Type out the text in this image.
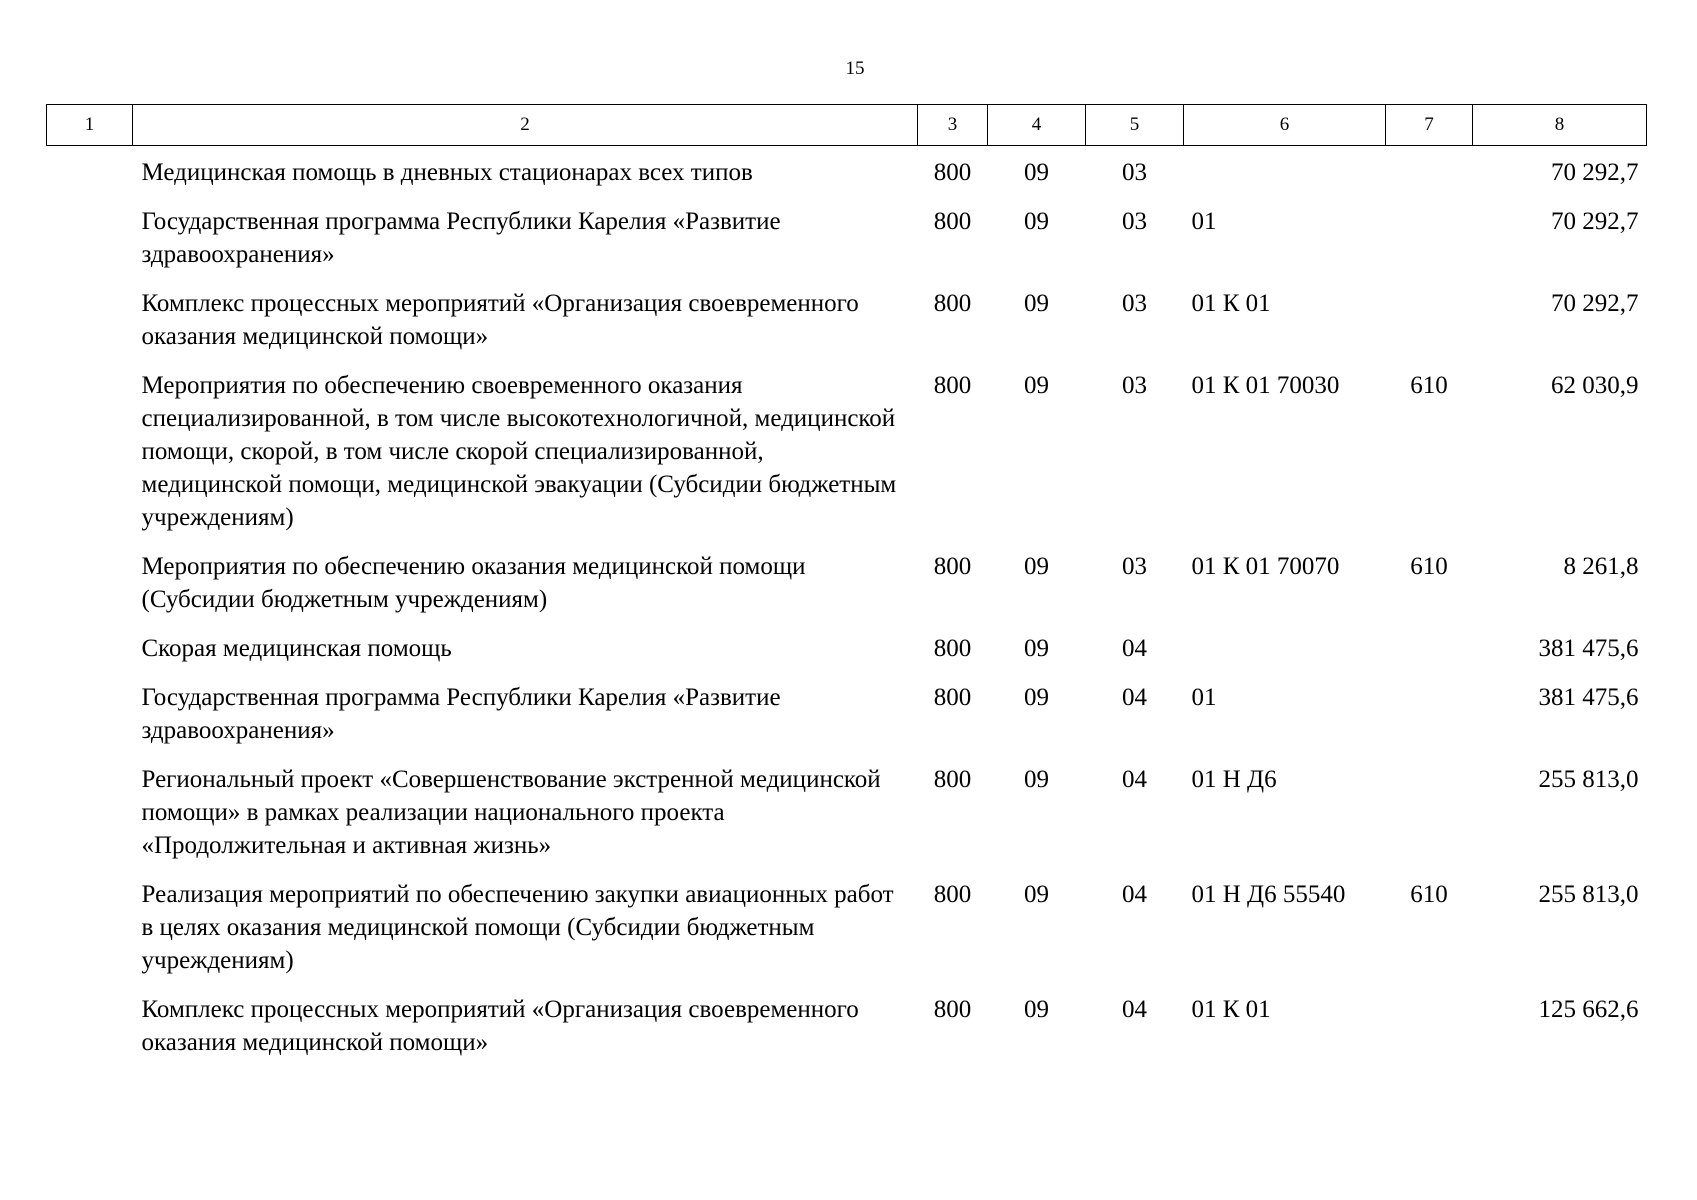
15
1	2	3	4	5	6	7	8
	Медицинская помощь в дневных стационарах всех типов	800	09	03			70 292,7
	Государственная программа Республики Карелия «Развитие здравоохранения»	800	09	03	01		70 292,7
	Комплекс процессных мероприятий «Организация своевременного оказания медицинской помощи»	800	09	03	01 К 01		70 292,7
	Мероприятия по обеспечению своевременного оказания специализированной, в том числе высокотехнологичной, медицинской помощи, скорой, в том числе скорой специализированной, медицинской помощи, медицинской эвакуации (Субсидии бюджетным учреждениям)	800	09	03	01 К 01 70030	610	62 030,9
	Мероприятия по обеспечению оказания медицинской помощи (Субсидии бюджетным учреждениям)	800	09	03	01 К 01 70070	610	8 261,8
	Скорая медицинская помощь	800	09	04			381 475,6
	Государственная программа Республики Карелия «Развитие здравоохранения»	800	09	04	01		381 475,6
	Региональный проект «Совершенствование экстренной медицинской помощи» в рамках реализации национального проекта «Продолжительная и активная жизнь»	800	09	04	01 Н Д6		255 813,0
	Реализация мероприятий по обеспечению закупки авиационных работ в целях оказания медицинской помощи (Субсидии бюджетным учреждениям)	800	09	04	01 Н Д6 55540	610	255 813,0
	Комплекс процессных мероприятий «Организация своевременного оказания медицинской помощи»	800	09	04	01 К 01		125 662,6
